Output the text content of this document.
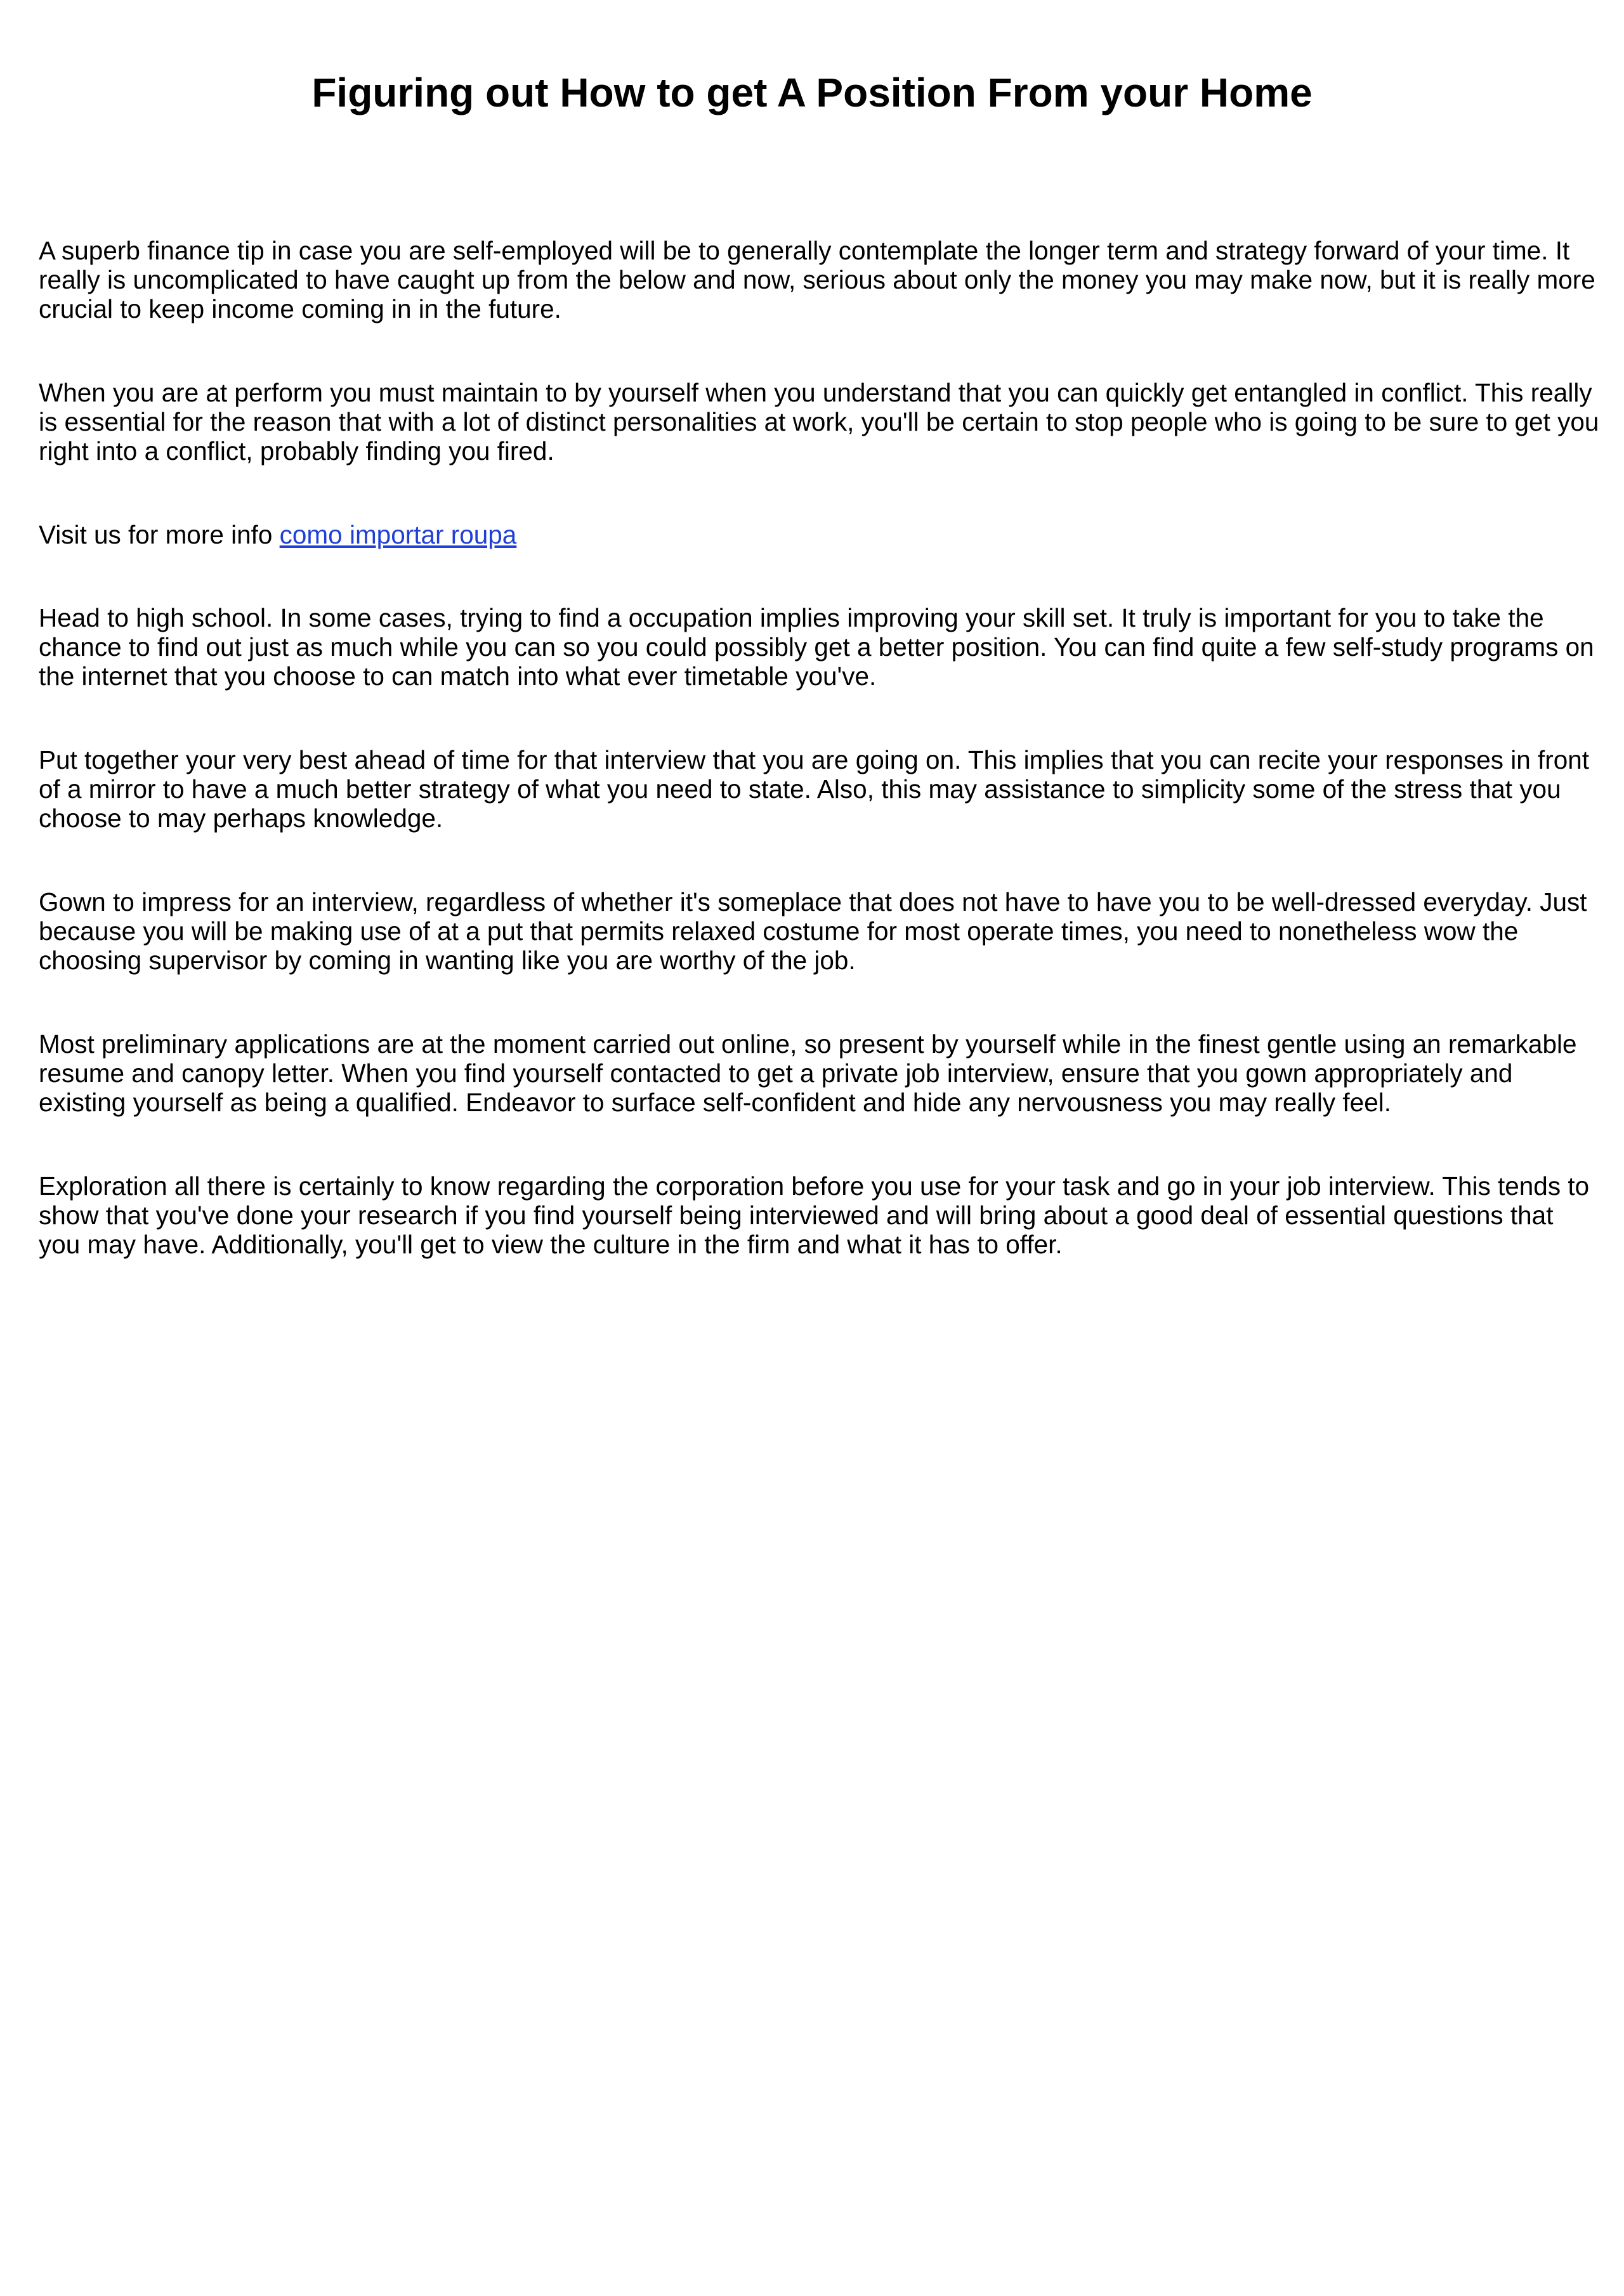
Figuring out How to get A Position From your Home

A superb finance tip in case you are self-employed will be to generally contemplate the longer term and strategy forward of your time. It really is uncomplicated to have caught up from the below and now, serious about only the money you may make now, but it is really more crucial to keep income coming in in the future.

When you are at perform you must maintain to by yourself when you understand that you can quickly get entangled in conflict. This really is essential for the reason that with a lot of distinct personalities at work, you'll be certain to stop people who is going to be sure to get you right into a conflict, probably finding you fired.

Visit us for more info como importar roupa

Head to high school. In some cases, trying to find a occupation implies improving your skill set. It truly is important for you to take the chance to find out just as much while you can so you could possibly get a better position. You can find quite a few self-study programs on the internet that you choose to can match into what ever timetable you've.

Put together your very best ahead of time for that interview that you are going on. This implies that you can recite your responses in front of a mirror to have a much better strategy of what you need to state. Also, this may assistance to simplicity some of the stress that you choose to may perhaps knowledge.

Gown to impress for an interview, regardless of whether it's someplace that does not have to have you to be well-dressed everyday. Just because you will be making use of at a put that permits relaxed costume for most operate times, you need to nonetheless wow the choosing supervisor by coming in wanting like you are worthy of the job.

Most preliminary applications are at the moment carried out online, so present by yourself while in the finest gentle using an remarkable resume and canopy letter. When you find yourself contacted to get a private job interview, ensure that you gown appropriately and existing yourself as being a qualified. Endeavor to surface self-confident and hide any nervousness you may really feel.

Exploration all there is certainly to know regarding the corporation before you use for your task and go in your job interview. This tends to show that you've done your research if you find yourself being interviewed and will bring about a good deal of essential questions that you may have. Additionally, you'll get to view the culture in the firm and what it has to offer.
